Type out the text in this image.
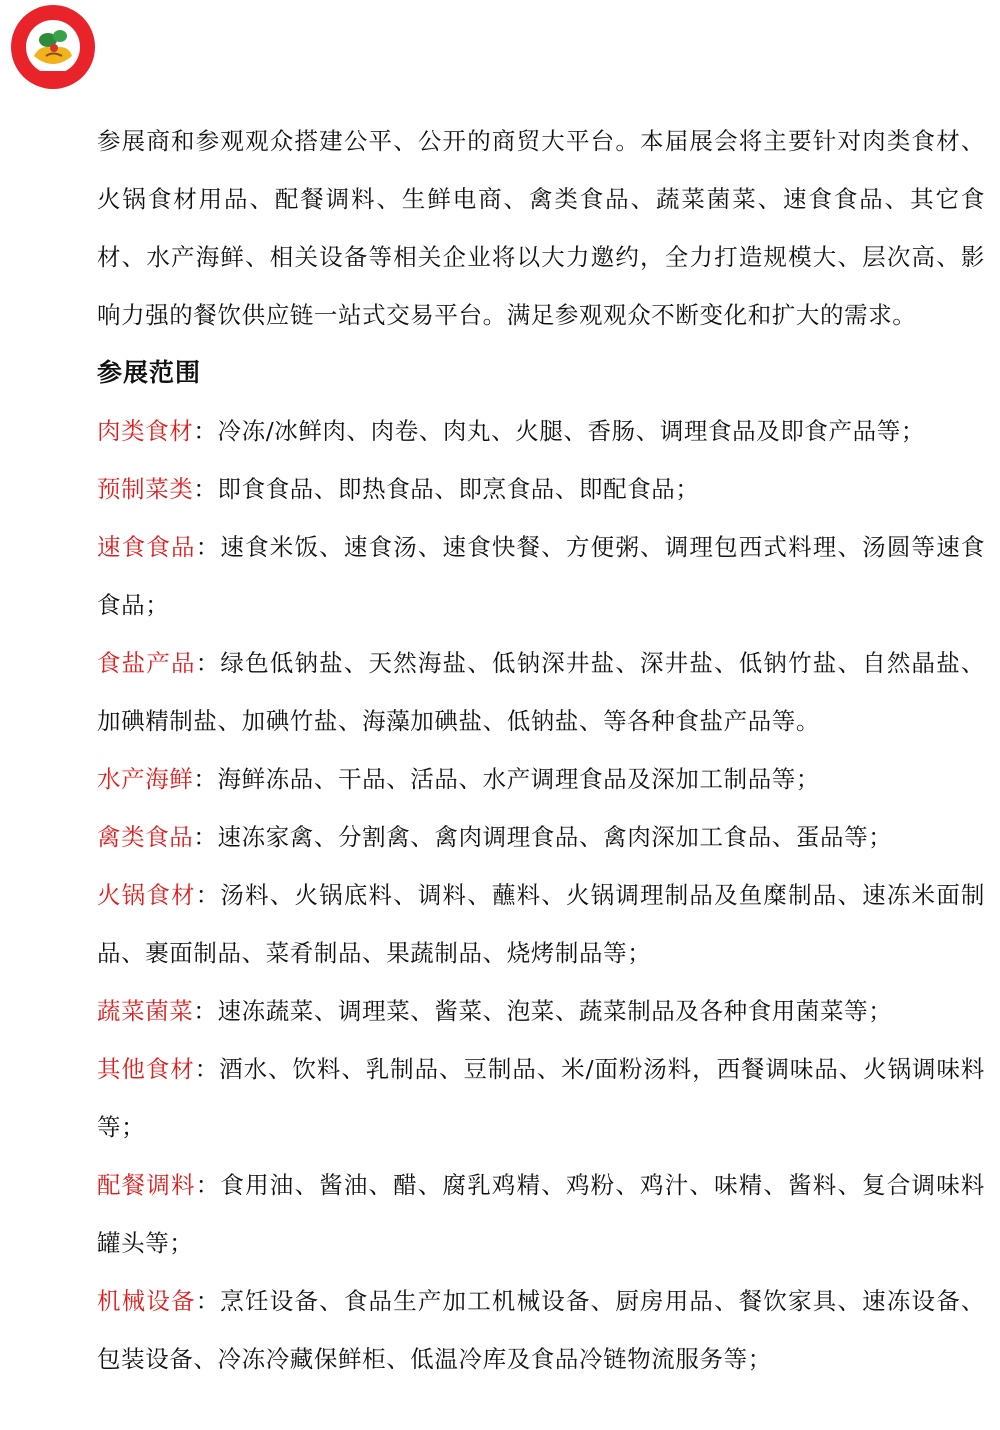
参展商和参观观众搭建公平、公开的商贸大平台。本届展会将主要针对肉类食材、火锅食材用品、配餐调料、生鲜电商、禽类食品、蔬菜菌菜、速食食品、其它食材、水产海鲜、相关设备等相关企业将以大力邀约，全力打造规模大、层次高、影响力强的餐饮供应链一站式交易平台。满足参观观众不断变化和扩大的需求。

参展范围

肉类食材：冷冻/冰鲜肉、肉卷、肉丸、火腿、香肠、调理食品及即食产品等；

预制菜类：即食食品、即热食品、即烹食品、即配食品；

速食食品：速食米饭、速食汤、速食快餐、方便粥、调理包西式料理、汤圆等速食食品；

食盐产品：绿色低钠盐、天然海盐、低钠深井盐、深井盐、低钠竹盐、自然晶盐、加碘精制盐、加碘竹盐、海藻加碘盐、低钠盐、等各种食盐产品等。

水产海鲜：海鲜冻品、干品、活品、水产调理食品及深加工制品等；

禽类食品：速冻家禽、分割禽、禽肉调理食品、禽肉深加工食品、蛋品等；

火锅食材：汤料、火锅底料、调料、蘸料、火锅调理制品及鱼糜制品、速冻米面制品、裹面制品、菜肴制品、果蔬制品、烧烤制品等；

蔬菜菌菜：速冻蔬菜、调理菜、酱菜、泡菜、蔬菜制品及各种食用菌菜等；

其他食材：酒水、饮料、乳制品、豆制品、米/面粉汤料，西餐调味品、火锅调味料等；

配餐调料：食用油、酱油、醋、腐乳鸡精、鸡粉、鸡汁、味精、酱料、复合调味料罐头等；

机械设备：烹饪设备、食品生产加工机械设备、厨房用品、餐饮家具、速冻设备、包装设备、冷冻冷藏保鲜柜、低温冷库及食品冷链物流服务等；
